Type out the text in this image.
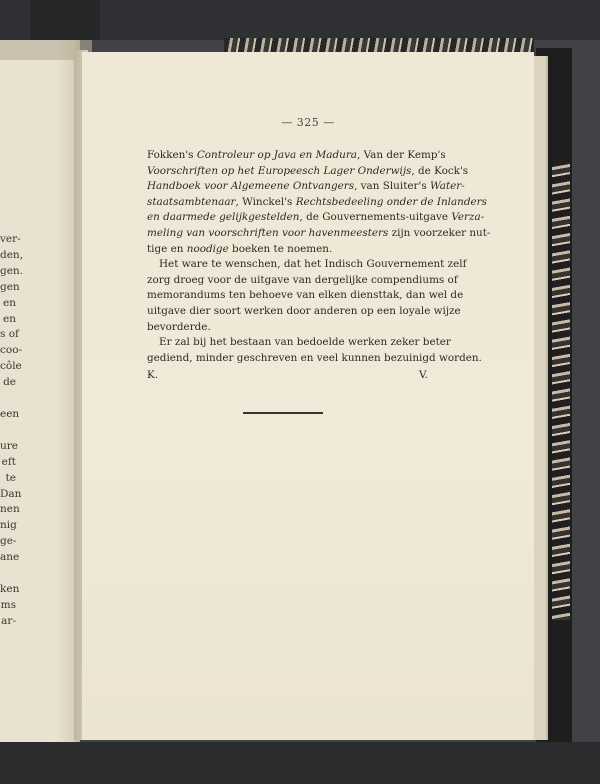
ver-
den,
gen.
gen
en
en
s of
coo-
côle
de

een

ure
eft
te
Dan
nen
nig
ge-
ane

ken
ms
ar-
— 325 —
Fokken's Controleur op Java en Madura, Van der Kemp's
Voorschriften op het Europeesch Lager Onderwijs, de Kock's
Handboek voor Algemeene Ontvangers, van Sluiter's Water-
staatsambtenaar, Winckel's Rechtsbedeeling onder de Inlanders
en daarmede gelijkgestelden, de Gouvernements-uitgave Verza-
meling van voorschriften voor havenmeesters zijn voorzeker nut-
tige en noodige boeken te noemen.
Het ware te wenschen, dat het Indisch Gouvernement zelf
zorg droeg voor de uitgave van dergelijke compendiums of
memorandums ten behoeve van elken diensttak, dan wel de
uitgave dier soort werken door anderen op een loyale wijze
bevorderde.
Er zal bij het bestaan van bedoelde werken zeker beter
gediend, minder geschreven en veel kunnen bezuinigd worden.
K.	V.
